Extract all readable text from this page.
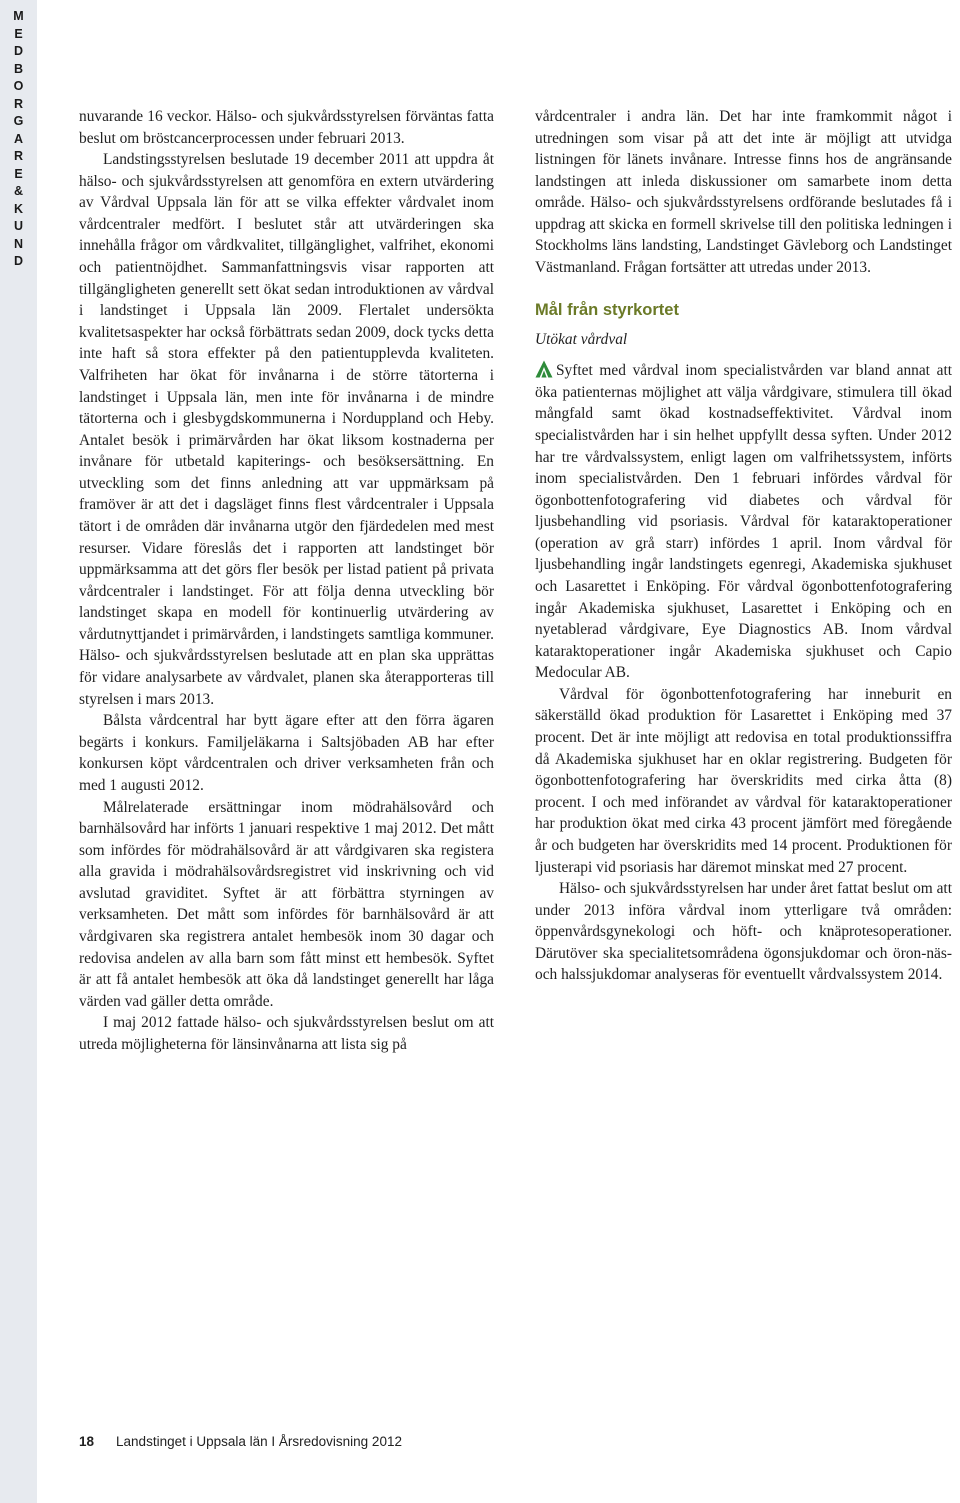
M
E
D
B
O
R
G
A
R
E
&
K
U
N
D

nuvarande 16 veckor. Hälso- och sjukvårdsstyrelsen förväntas fatta beslut om bröstcancerprocessen under februari 2013.

Landstingsstyrelsen beslutade 19 december 2011 att uppdra åt hälso- och sjukvårdsstyrelsen att genomföra en extern utvärdering av Vårdval Uppsala län för att se vilka effekter vårdvalet inom vårdcentraler medfört. I beslutet står att utvärderingen ska innehålla frågor om vårdkvalitet, tillgänglighet, valfrihet, ekonomi och patientnöjdhet. Sammanfattningsvis visar rapporten att tillgängligheten generellt sett ökat sedan introduktionen av vårdval i landstinget i Uppsala län 2009. Flertalet undersökta kvalitetsaspekter har också förbättrats sedan 2009, dock tycks detta inte haft så stora effekter på den patientupplevda kvaliteten. Valfriheten har ökat för invånarna i de större tätorterna i landstinget i Uppsala län, men inte för invånarna i de mindre tätorterna och i glesbygdskommunerna i Norduppland och Heby. Antalet besök i primärvården har ökat liksom kostnaderna per invånare för utbetald kapiterings- och besöksersättning. En utveckling som det finns anledning att var uppmärksam på framöver är att det i dagsläget finns flest vårdcentraler i Uppsala tätort i de områden där invånarna utgör den fjärdedelen med mest resurser. Vidare föreslås det i rapporten att landstinget bör uppmärksamma att det görs fler besök per listad patient på privata vårdcentraler i landstinget. För att följa denna utveckling bör landstinget skapa en modell för kontinuerlig utvärdering av vårdutnyttjandet i primärvården, i landstingets samtliga kommuner. Hälso- och sjukvårdsstyrelsen beslutade att en plan ska upprättas för vidare analysarbete av vårdvalet, planen ska återapporteras till styrelsen i mars 2013.

Bålsta vårdcentral har bytt ägare efter att den förra ägaren begärts i konkurs. Familjeläkarna i Saltsjöbaden AB har efter konkursen köpt vårdcentralen och driver verksamheten från och med 1 augusti 2012.

Målrelaterade ersättningar inom mödrahälsovård och barnhälsovård har införts 1 januari respektive 1 maj 2012. Det mått som infördes för mödrahälsovård är att vårdgivaren ska registera alla gravida i mödrahälsovårdsregistret vid inskrivning och vid avslutad graviditet. Syftet är att förbättra styrningen av verksamheten. Det mått som infördes för barnhälsovård är att vårdgivaren ska registrera antalet hembesök inom 30 dagar och redovisa andelen av alla barn som fått minst ett hembesök. Syftet är att få antalet hembesök att öka då landstinget generellt har låga värden vad gäller detta område.

I maj 2012 fattade hälso- och sjukvårdsstyrelsen beslut om att utreda möjligheterna för länsinvånarna att lista sig på

vårdcentraler i andra län. Det har inte framkommit något i utredningen som visar på att det inte är möjligt att utvidga listningen för länets invånare. Intresse finns hos de angränsande landstingen att inleda diskussioner om samarbete inom detta område. Hälso- och sjukvårdsstyrelsens ordförande beslutades få i uppdrag att skicka en formell skrivelse till den politiska ledningen i Stockholms läns landsting, Landstinget Gävleborg och Landstinget Västmanland. Frågan fortsätter att utredas under 2013.

Mål från styrkortet
Utökat vårdval

Syftet med vårdval inom specialistvården var bland annat att öka patienternas möjlighet att välja vårdgivare, stimulera till ökad mångfald samt ökad kostnadseffektivitet. Vårdval inom specialistvården har i sin helhet uppfyllt dessa syften. Under 2012 har tre vårdvalssystem, enligt lagen om valfrihetssystem, införts inom specialistvården. Den 1 februari infördes vårdval för ögonbottenfotografering vid diabetes och vårdval för ljusbehandling vid psoriasis. Vårdval för kataraktoperationer (operation av grå starr) infördes 1 april. Inom vårdval för ljusbehandling ingår landstingets egenregi, Akademiska sjukhuset och Lasarettet i Enköping. För vårdval ögonbottenfotografering ingår Akademiska sjukhuset, Lasarettet i Enköping och en nyetablerad vårdgivare, Eye Diagnostics AB. Inom vårdval kataraktoperationer ingår Akademiska sjukhuset och Capio Medocular AB.

Vårdval för ögonbottenfotografering har inneburit en säkerställd ökad produktion för Lasarettet i Enköping med 37 procent. Det är inte möjligt att redovisa en total produktionssiffra då Akademiska sjukhuset har en oklar registrering. Budgeten för ögonbottenfotografering har överskridits med cirka åtta (8) procent. I och med införandet av vårdval för kataraktoperationer har produktion ökat med cirka 43 procent jämfört med föregående år och budgeten har överskridits med 14 procent. Produktionen för ljusterapi vid psoriasis har däremot minskat med 27 procent.

Hälso- och sjukvårdsstyrelsen har under året fattat beslut om att under 2013 införa vårdval inom ytterligare två områden: öppenvårdsgynekologi och höft- och knäprotesoperationer. Därutöver ska specialitetsområdena ögonsjukdomar och öron-näs- och halssjukdomar analyseras för eventuellt vårdvalssystem 2014.

18 Landstinget i Uppsala län I Årsredovisning 2012
